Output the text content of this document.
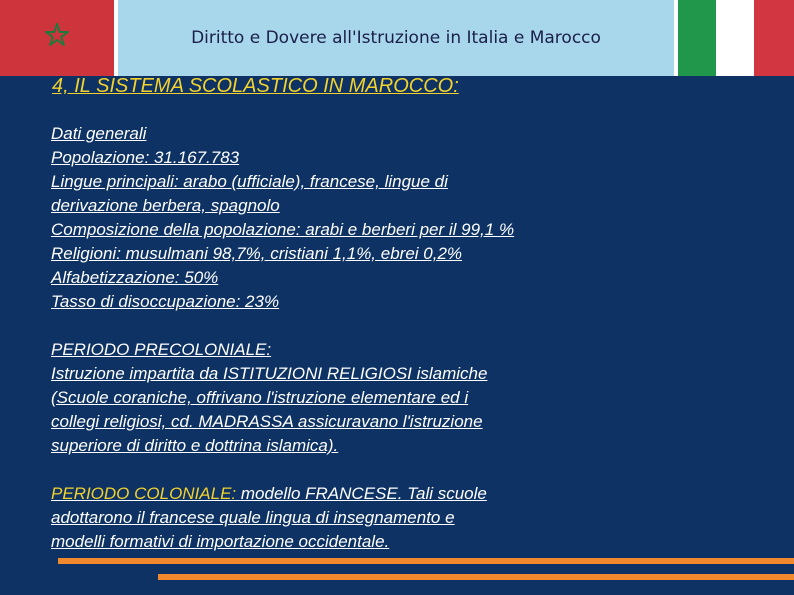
Diritto e Dovere all'Istruzione in Italia e Marocco
4, IL SISTEMA SCOLASTICO IN MAROCCO:
Dati generali
Popolazione: 31.167.783
Lingue principali: arabo (ufficiale), francese, lingue di
derivazione berbera, spagnolo
Composizione della popolazione: arabi e berberi per il 99,1 %
Religioni: musulmani 98,7%, cristiani 1,1%, ebrei 0,2%
Alfabetizzazione: 50%
Tasso di disoccupazione: 23%
PERIODO PRECOLONIALE:
Istruzione impartita da ISTITUZIONI RELIGIOSI islamiche
(Scuole coraniche, offrivano l'istruzione elementare ed i
collegi religiosi, cd. MADRASSA assicuravano l'istruzione
superiore di diritto e dottrina islamica).
PERIODO COLONIALE: modello FRANCESE. Tali scuole
adottarono il francese quale lingua di insegnamento e
modelli formativi di importazione occidentale.
